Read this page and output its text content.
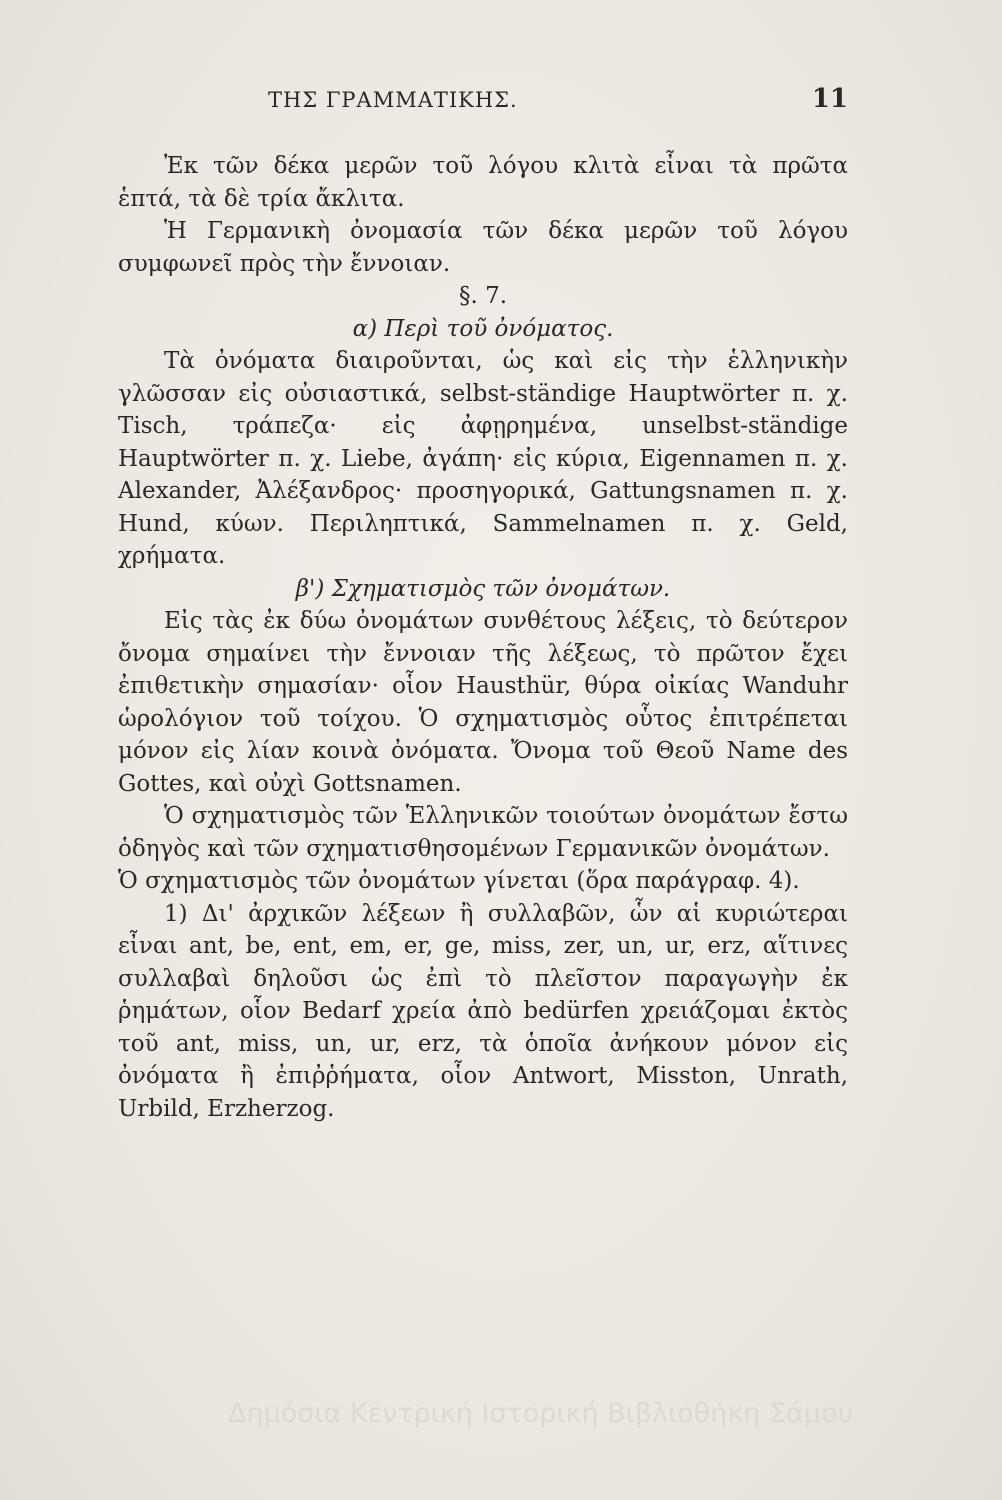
ΤΗΣ ΓΡΑΜΜΑΤΙΚΗΣ.	11

Ἐκ τῶν δέκα μερῶν τοῦ λόγου κλιτὰ εἶναι τὰ πρῶτα ἑπτά, τὰ δὲ τρία ἄκλιτα.

Ἡ Γερμανικὴ ὀνομασία τῶν δέκα μερῶν τοῦ λόγου συμφωνεῖ πρὸς τὴν ἔννοιαν.

§. 7.

α) Περὶ τοῦ ὀνόματος.

Τὰ ὀνόματα διαιροῦνται, ὡς καὶ εἰς τὴν ἑλληνικὴν γλῶσσαν εἰς οὐσιαστικά, selbst-ständige Hauptwörter π. χ. Tisch, τράπεζα· εἰς ἀφῃρημένα, unselbst-ständige Hauptwörter π. χ. Liebe, ἀγάπη· εἰς κύρια, Eigennamen π. χ. Alexander, Ἀλέξανδρος· προσηγορικά, Gattungsnamen π. χ. Hund, κύων. Περιληπτικά, Sammelnamen π. χ. Geld, χρήματα.

β') Σχηματισμὸς τῶν ὀνομάτων.

Εἰς τὰς ἐκ δύω ὀνομάτων συνθέτους λέξεις, τὸ δεύτερον ὄνομα σημαίνει τὴν ἔννοιαν τῆς λέξεως, τὸ πρῶτον ἔχει ἐπιθετικὴν σημασίαν· οἷον Hausthür, θύρα οἰκίας Wanduhr ὡρολόγιον τοῦ τοίχου. Ὁ σχηματισμὸς οὗτος ἐπιτρέπεται μόνον εἰς λίαν κοινὰ ὀνόματα. Ὄνομα τοῦ Θεοῦ Name des Gottes, καὶ οὐχὶ Gottsnamen.

Ὁ σχηματισμὸς τῶν Ἑλληνικῶν τοιούτων ὀνομάτων ἔστω ὁδηγὸς καὶ τῶν σχηματισθησομένων Γερμανικῶν ὀνομάτων.

Ὁ σχηματισμὸς τῶν ὀνομάτων γίνεται (ὅρα παράγραφ. 4).

1) Δι' ἀρχικῶν λέξεων ἢ συλλαβῶν, ὧν αἱ κυριώτεραι εἶναι ant, be, ent, em, er, ge, miss, zer, un, ur, erz, αἵτινες συλλαβαὶ δηλοῦσι ὡς ἐπὶ τὸ πλεῖστον παραγωγὴν ἐκ ῥημάτων, οἷον Bedarf χρεία ἀπὸ bedürfen χρειάζομαι ἐκτὸς τοῦ ant, miss, un, ur, erz, τὰ ὁποῖα ἀνήκουν μόνον εἰς ὀνόματα ἢ ἐπιῤῥήματα, οἷον Antwort, Misston, Unrath, Urbild, Erzherzog.

Δημόσια Κεντρική Ιστορική Βιβλιοθήκη Σάμου
